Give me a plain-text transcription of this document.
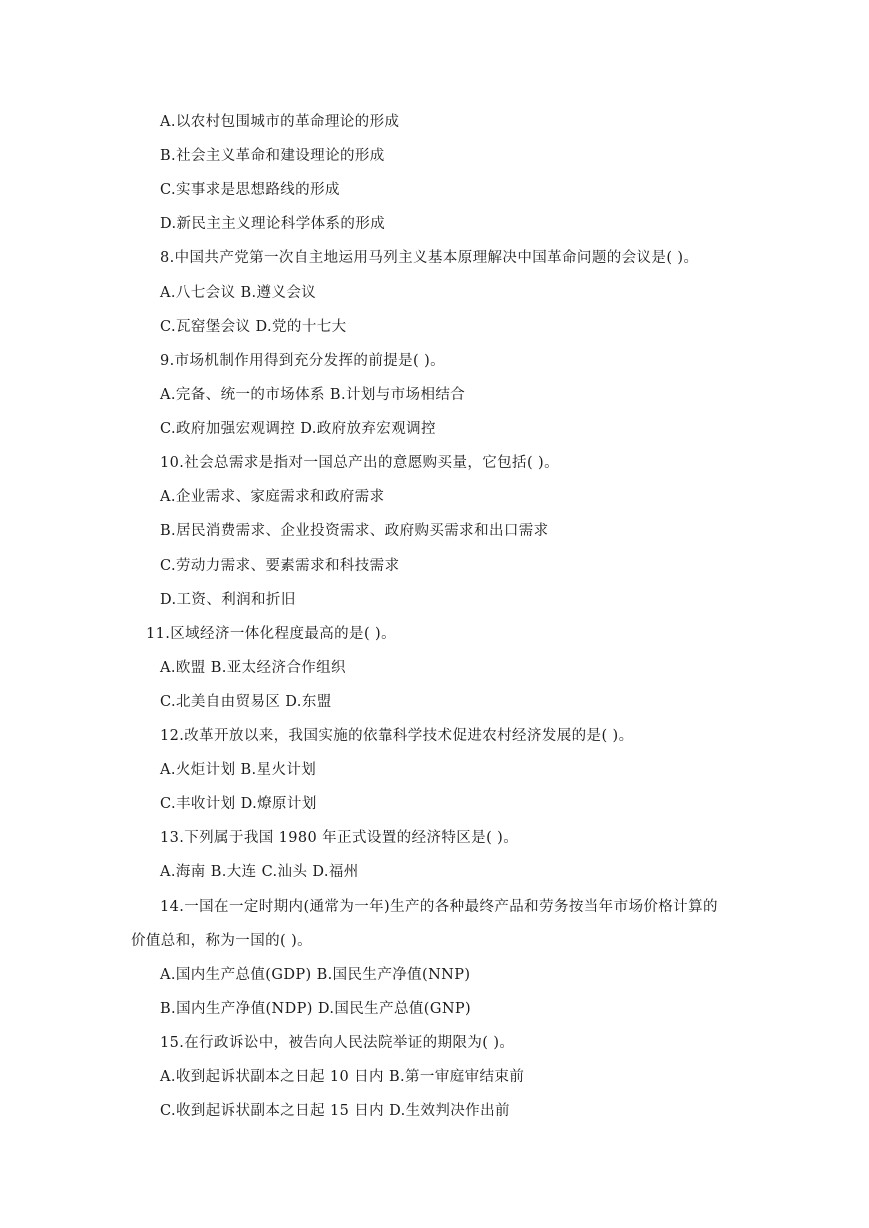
A.以农村包围城市的革命理论的形成

B.社会主义革命和建设理论的形成

C.实事求是思想路线的形成

D.新民主主义理论科学体系的形成

8.中国共产党第一次自主地运用马列主义基本原理解决中国革命问题的会议是( )。

A.八七会议 B.遵义会议

C.瓦窑堡会议 D.党的十七大

9.市场机制作用得到充分发挥的前提是( )。

A.完备、统一的市场体系 B.计划与市场相结合

C.政府加强宏观调控 D.政府放弃宏观调控

10.社会总需求是指对一国总产出的意愿购买量，它包括( )。

A.企业需求、家庭需求和政府需求

B.居民消费需求、企业投资需求、政府购买需求和出口需求

C.劳动力需求、要素需求和科技需求

D.工资、利润和折旧

11.区域经济一体化程度最高的是( )。

A.欧盟 B.亚太经济合作组织

C.北美自由贸易区 D.东盟

12.改革开放以来，我国实施的依靠科学技术促进农村经济发展的是( )。

A.火炬计划 B.星火计划

C.丰收计划 D.燎原计划

13.下列属于我国 1980 年正式设置的经济特区是( )。

A.海南 B.大连 C.汕头 D.福州

14.一国在一定时期内(通常为一年)生产的各种最终产品和劳务按当年市场价格计算的

价值总和，称为一国的( )。

A.国内生产总值(GDP) B.国民生产净值(NNP)

B.国内生产净值(NDP) D.国民生产总值(GNP)

15.在行政诉讼中，被告向人民法院举证的期限为( )。

A.收到起诉状副本之日起 10 日内 B.第一审庭审结束前

C.收到起诉状副本之日起 15 日内 D.生效判决作出前
